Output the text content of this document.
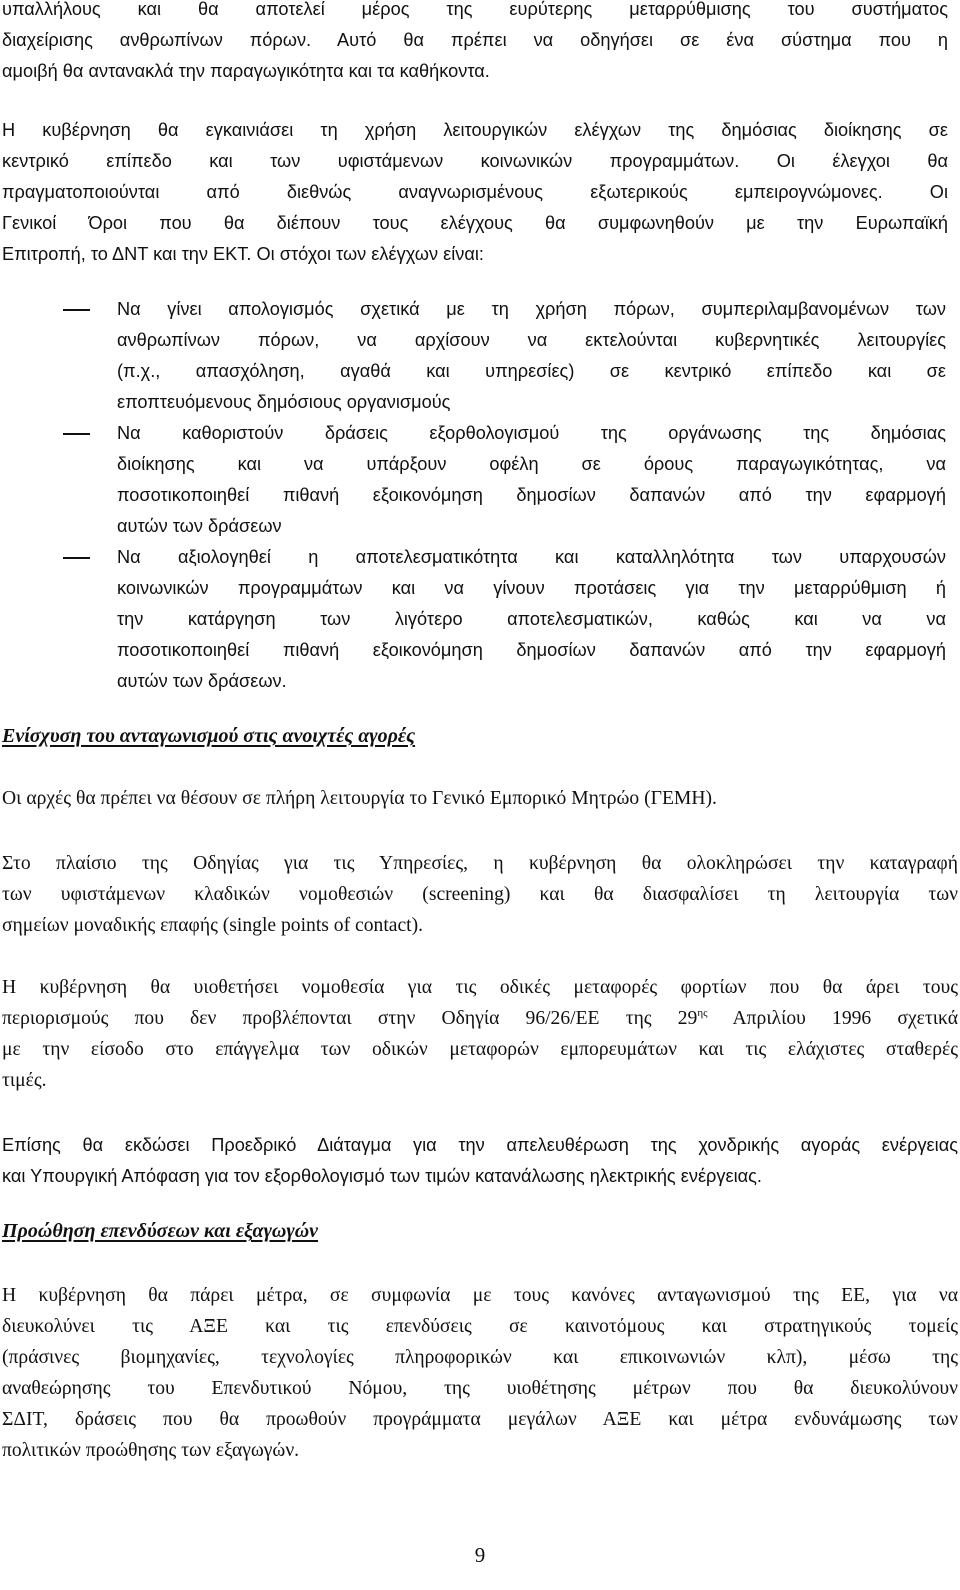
υπαλλήλους και θα αποτελεί μέρος της ευρύτερης μεταρρύθμισης του συστήματος
διαχείρισης ανθρωπίνων πόρων. Αυτό θα πρέπει να οδηγήσει σε ένα σύστημα που η
αμοιβή θα αντανακλά την παραγωγικότητα και τα καθήκοντα.
Η κυβέρνηση θα εγκαινιάσει τη χρήση λειτουργικών ελέγχων της δημόσιας διοίκησης σε
κεντρικό επίπεδο και των υφιστάμενων κοινωνικών προγραμμάτων. Οι έλεγχοι θα
πραγματοποιούνται από διεθνώς αναγνωρισμένους εξωτερικούς εμπειρογνώμονες. Οι
Γενικοί Όροι που θα διέπουν τους ελέγχους θα συμφωνηθούν με την Ευρωπαϊκή
Επιτροπή, το ΔΝΤ και την ΕΚΤ. Οι στόχοι των ελέγχων είναι:
Να γίνει απολογισμός σχετικά με τη χρήση πόρων, συμπεριλαμβανομένων των
ανθρωπίνων πόρων, να αρχίσουν να εκτελούνται κυβερνητικές λειτουργίες
(π.χ., απασχόληση, αγαθά και υπηρεσίες) σε κεντρικό επίπεδο και σε
εποπτευόμενους δημόσιους οργανισμούς
Να καθοριστούν δράσεις εξορθολογισμού της οργάνωσης της δημόσιας
διοίκησης και να υπάρξουν οφέλη σε όρους παραγωγικότητας, να
ποσοτικοποιηθεί πιθανή εξοικονόμηση δημοσίων δαπανών από την εφαρμογή
αυτών των δράσεων
Να αξιολογηθεί η αποτελεσματικότητα και καταλληλότητα των υπαρχουσών
κοινωνικών προγραμμάτων και να γίνουν προτάσεις για την μεταρρύθμιση ή
την κατάργηση των λιγότερο αποτελεσματικών, καθώς και να να
ποσοτικοποιηθεί πιθανή εξοικονόμηση δημοσίων δαπανών από την εφαρμογή
αυτών των δράσεων.
Ενίσχυση του ανταγωνισμού στις ανοιχτές αγορές
Οι αρχές θα πρέπει να θέσουν σε πλήρη λειτουργία το Γενικό Εμπορικό Μητρώο (ΓΕΜΗ).
Στο πλαίσιο της Οδηγίας για τις Υπηρεσίες, η κυβέρνηση θα ολοκληρώσει την καταγραφή
των υφιστάμενων κλαδικών νομοθεσιών (screening) και θα διασφαλίσει τη λειτουργία των
σημείων μοναδικής επαφής (single points of contact).
Η κυβέρνηση θα υιοθετήσει νομοθεσία για τις οδικές μεταφορές φορτίων που θα άρει τους
περιορισμούς που δεν προβλέπονται στην Οδηγία 96/26/ΕΕ της $29^{\eta\varsigma}$ Απριλίου 1996 σχετικά
με την είσοδο στο επάγγελμα των οδικών μεταφορών εμπορευμάτων και τις ελάχιστες σταθερές
τιμές.
Επίσης θα εκδώσει Προεδρικό Διάταγμα για την απελευθέρωση της χονδρικής αγοράς ενέργειας
και Υπουργική Απόφαση για τον εξορθολογισμό των τιμών κατανάλωσης ηλεκτρικής ενέργειας.
Προώθηση επενδύσεων και εξαγωγών
Η κυβέρνηση θα πάρει μέτρα, σε συμφωνία με τους κανόνες ανταγωνισμού της ΕΕ, για να
διευκολύνει τις ΑΞΕ και τις επενδύσεις σε καινοτόμους και στρατηγικούς τομείς
(πράσινες βιομηχανίες, τεχνολογίες πληροφορικών και επικοινωνιών κλπ), μέσω της
αναθεώρησης του Επενδυτικού Νόμου, της υιοθέτησης μέτρων που θα διευκολύνουν
ΣΔΙΤ, δράσεις που θα προωθούν προγράμματα μεγάλων ΑΞΕ και μέτρα ενδυνάμωσης των
πολιτικών προώθησης των εξαγωγών.
9
